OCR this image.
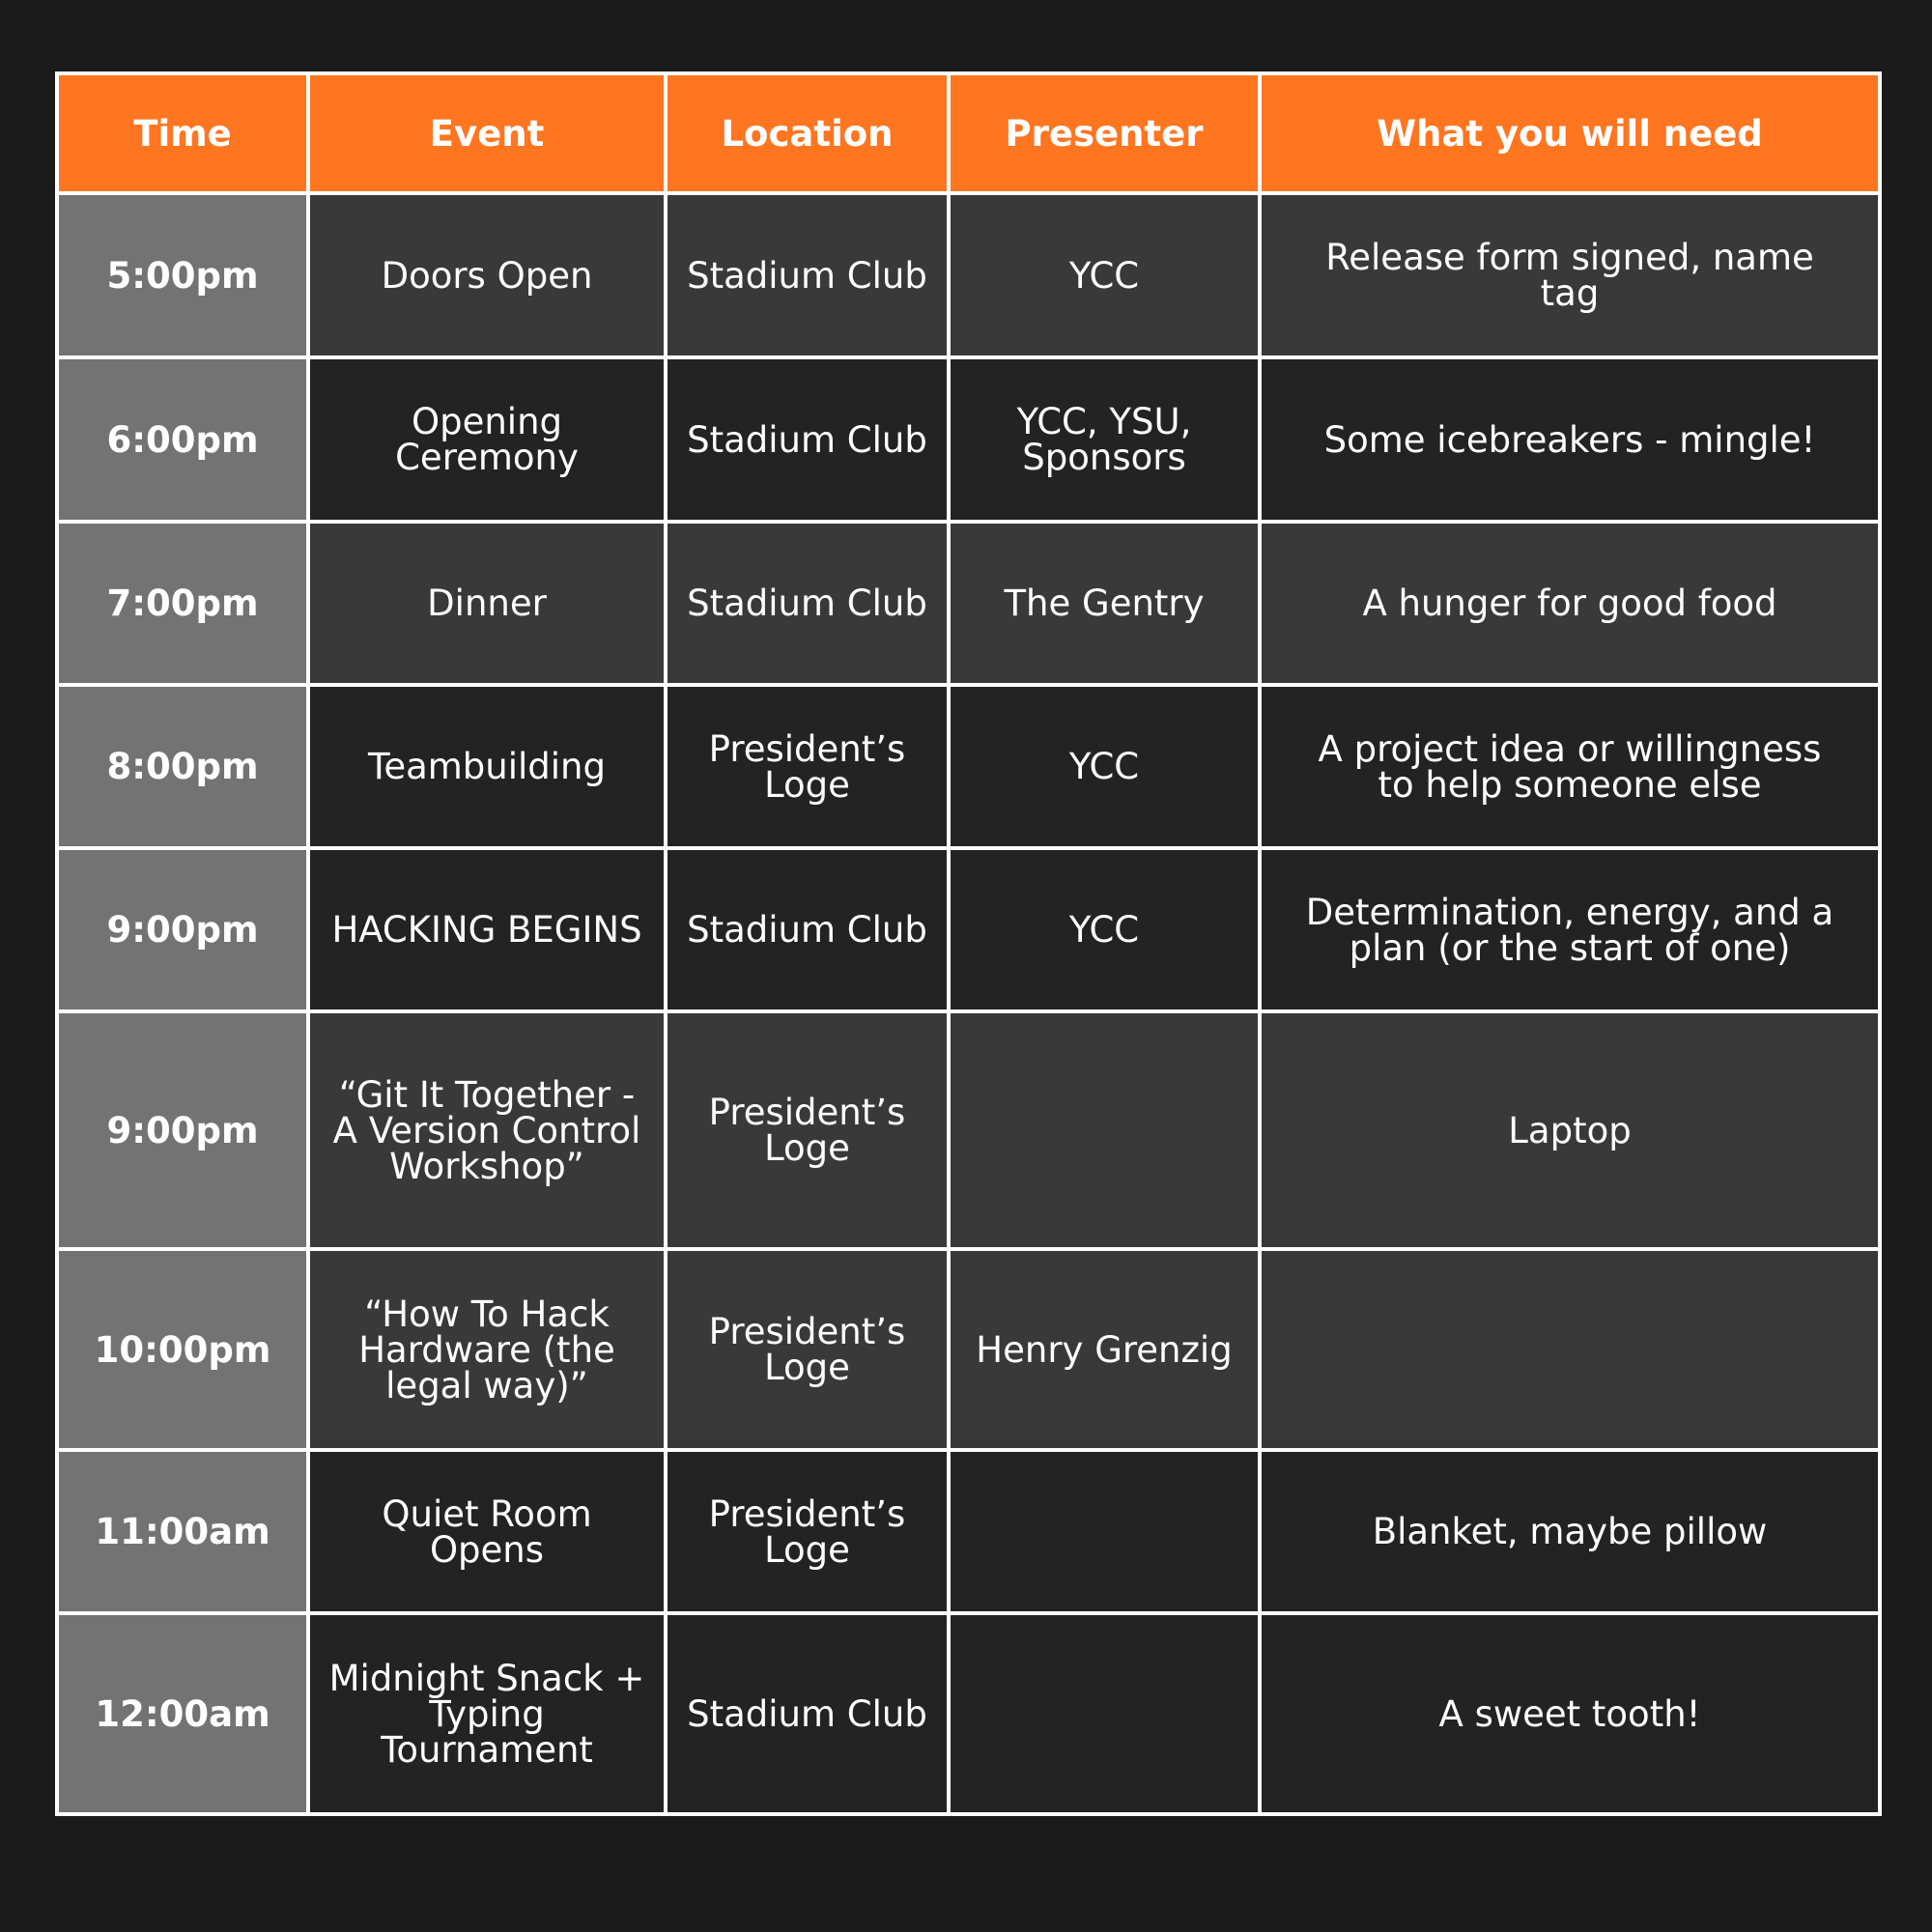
Time	Event	Location	Presenter	What you will need
5:00pm	Doors Open	Stadium Club	YCC	Release form signed, name tag
6:00pm	Opening Ceremony	Stadium Club	YCC, YSU, Sponsors	Some icebreakers - mingle!
7:00pm	Dinner	Stadium Club	The Gentry	A hunger for good food
8:00pm	Teambuilding	President’s Loge	YCC	A project idea or willingness to help someone else
9:00pm	HACKING BEGINS	Stadium Club	YCC	Determination, energy, and a plan (or the start of one)
9:00pm	“Git It Together - A Version Control Workshop”	President’s Loge		Laptop
10:00pm	“How To Hack Hardware (the legal way)”	President’s Loge	Henry Grenzig	
11:00am	Quiet Room Opens	President’s Loge		Blanket, maybe pillow
12:00am	Midnight Snack + Typing Tournament	Stadium Club		A sweet tooth!
